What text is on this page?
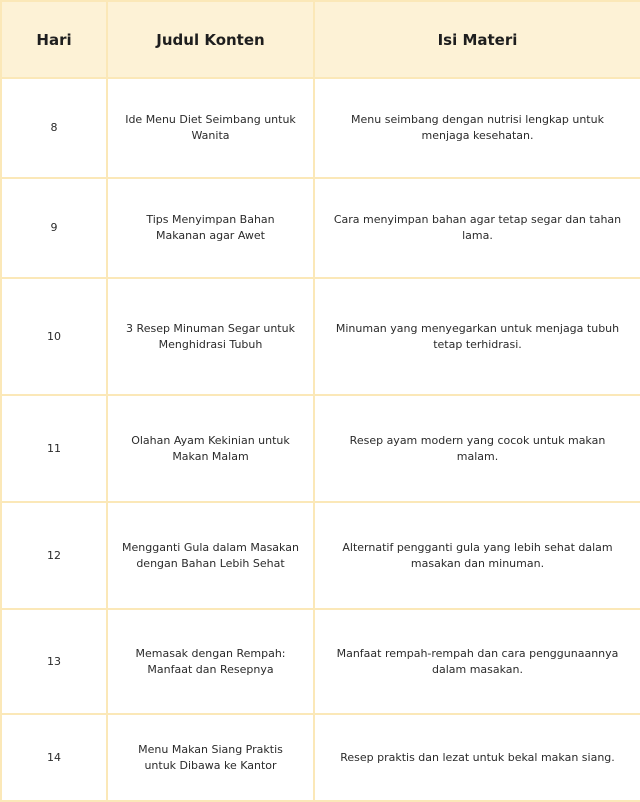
Hari	Judul Konten	Isi Materi
8	Ide Menu Diet Seimbang untuk Wanita	Menu seimbang dengan nutrisi lengkap untuk menjaga kesehatan.
9	Tips Menyimpan Bahan Makanan agar Awet	Cara menyimpan bahan agar tetap segar dan tahan lama.
10	3 Resep Minuman Segar untuk Menghidrasi Tubuh	Minuman yang menyegarkan untuk menjaga tubuh tetap terhidrasi.
11	Olahan Ayam Kekinian untuk Makan Malam	Resep ayam modern yang cocok untuk makan malam.
12	Mengganti Gula dalam Masakan dengan Bahan Lebih Sehat	Alternatif pengganti gula yang lebih sehat dalam masakan dan minuman.
13	Memasak dengan Rempah: Manfaat dan Resepnya	Manfaat rempah-rempah dan cara penggunaannya dalam masakan.
14	Menu Makan Siang Praktis untuk Dibawa ke Kantor	Resep praktis dan lezat untuk bekal makan siang.
